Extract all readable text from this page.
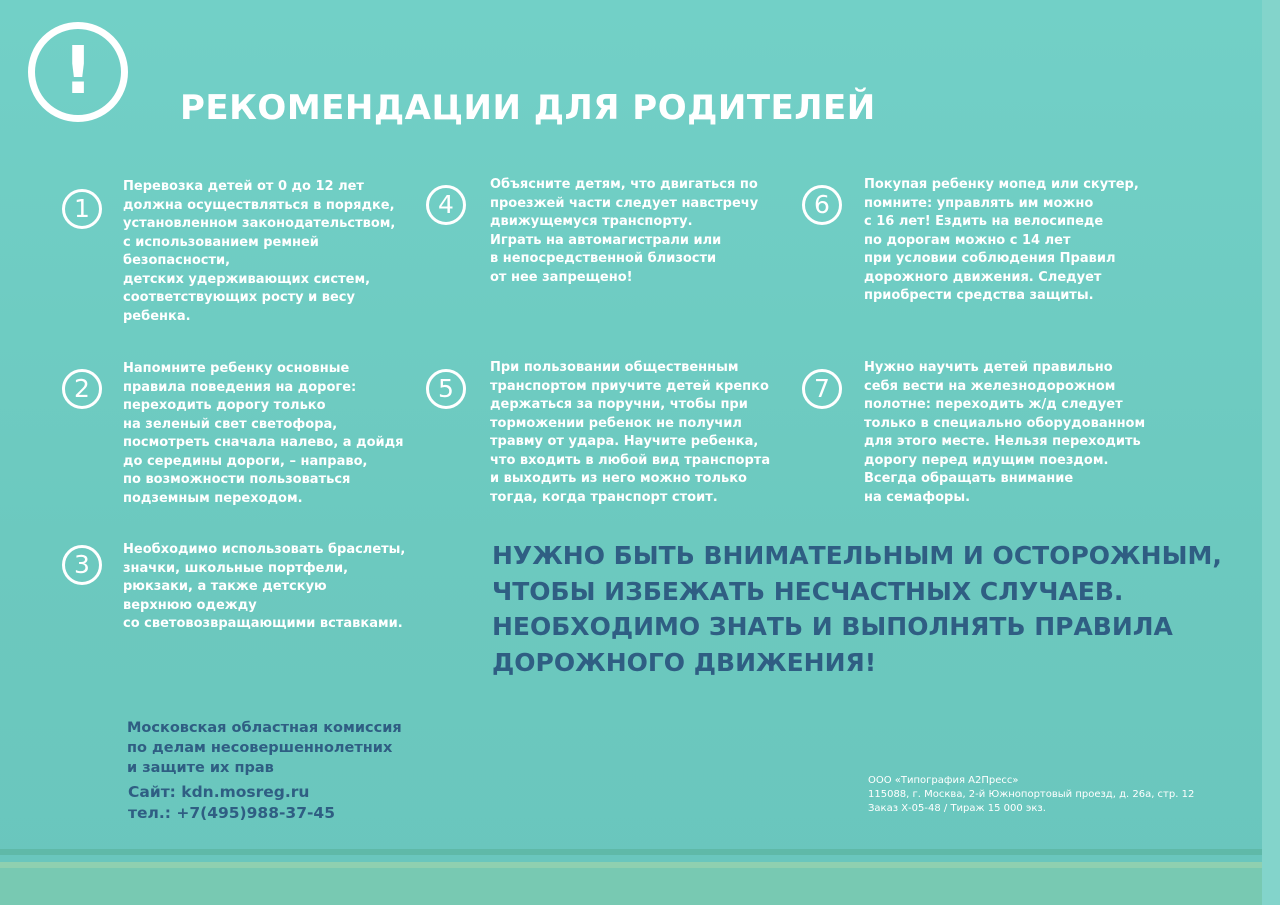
!	РЕКОМЕНДАЦИИ ДЛЯ РОДИТЕЛЕЙ
1
Перевозка детей от 0 до 12 лет
должна осуществляться в порядке,
установленном законодательством,
с использованием ремней
безопасности,
детских удерживающих систем,
соответствующих росту и весу
ребенка.
2
Напомните ребенку основные
правила поведения на дороге:
переходить дорогу только
на зеленый свет светофора,
посмотреть сначала налево, а дойдя
до середины дороги, – направо,
по возможности пользоваться
подземным переходом.
3
Необходимо использовать браслеты,
значки, школьные портфели,
рюкзаки, а также детскую
верхнюю одежду
со световозвращающими вставками.
4
Объясните детям, что двигаться по
проезжей части следует навстречу
движущемуся транспорту.
Играть на автомагистрали или
в непосредственной близости
от нее запрещено!
5
При пользовании общественным
транспортом приучите детей крепко
держаться за поручни, чтобы при
торможении ребенок не получил
травму от удара. Научите ребенка,
что входить в любой вид транспорта
и выходить из него можно только
тогда, когда транспорт стоит.
6
Покупая ребенку мопед или скутер,
помните: управлять им можно
с 16 лет! Ездить на велосипеде
по дорогам можно с 14 лет
при условии соблюдения Правил
дорожного движения. Следует
приобрести средства защиты.
7
Нужно научить детей правильно
себя вести на железнодорожном
полотне: переходить ж/д следует
только в специально оборудованном
для этого месте. Нельзя переходить
дорогу перед идущим поездом.
Всегда обращать внимание
на семафоры.
НУЖНО БЫТЬ ВНИМАТЕЛЬНЫМ И ОСТОРОЖНЫМ,
ЧТОБЫ ИЗБЕЖАТЬ НЕСЧАСТНЫХ СЛУЧАЕВ.
НЕОБХОДИМО ЗНАТЬ И ВЫПОЛНЯТЬ ПРАВИЛА
ДОРОЖНОГО ДВИЖЕНИЯ!
Московская областная комиссия
по делам несовершеннолетних
и защите их прав
Сайт: kdn.mosreg.ru
тел.: +7(495)988-37-45
ООО «Типография А2Пресс»
115088, г. Москва, 2-й Южнопортовый проезд, д. 26а, стр. 12
Заказ Х-05-48 / Тираж 15 000 экз.
